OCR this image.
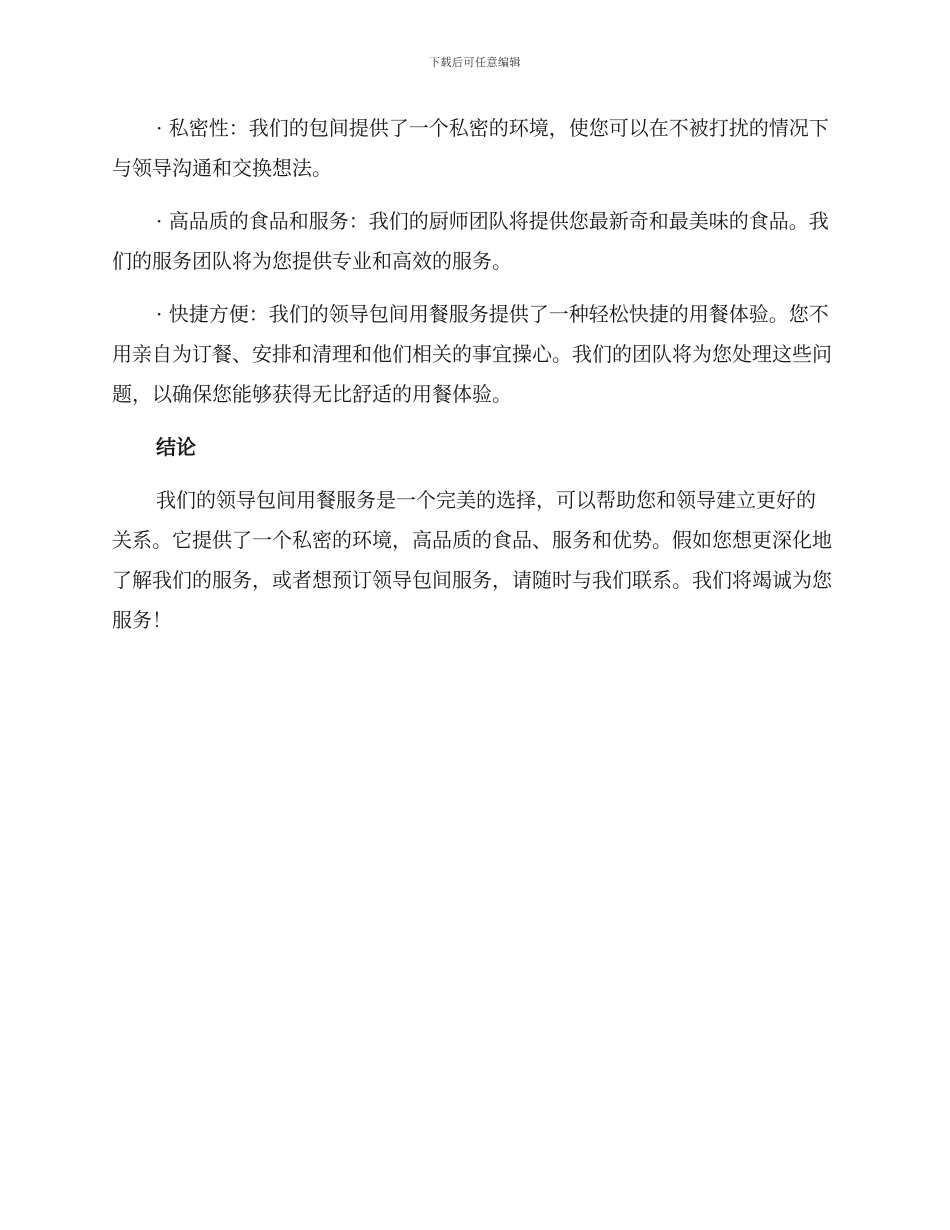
下载后可任意编辑

· 私密性：我们的包间提供了一个私密的环境，使您可以在不被打扰的情况下与领导沟通和交换想法。

· 高品质的食品和服务：我们的厨师团队将提供您最新奇和最美味的食品。我们的服务团队将为您提供专业和高效的服务。

· 快捷方便：我们的领导包间用餐服务提供了一种轻松快捷的用餐体验。您不用亲自为订餐、安排和清理和他们相关的事宜操心。我们的团队将为您处理这些问题，以确保您能够获得无比舒适的用餐体验。

结论

我们的领导包间用餐服务是一个完美的选择，可以帮助您和领导建立更好的关系。它提供了一个私密的环境，高品质的食品、服务和优势。假如您想更深化地了解我们的服务，或者想预订领导包间服务，请随时与我们联系。我们将竭诚为您服务！
